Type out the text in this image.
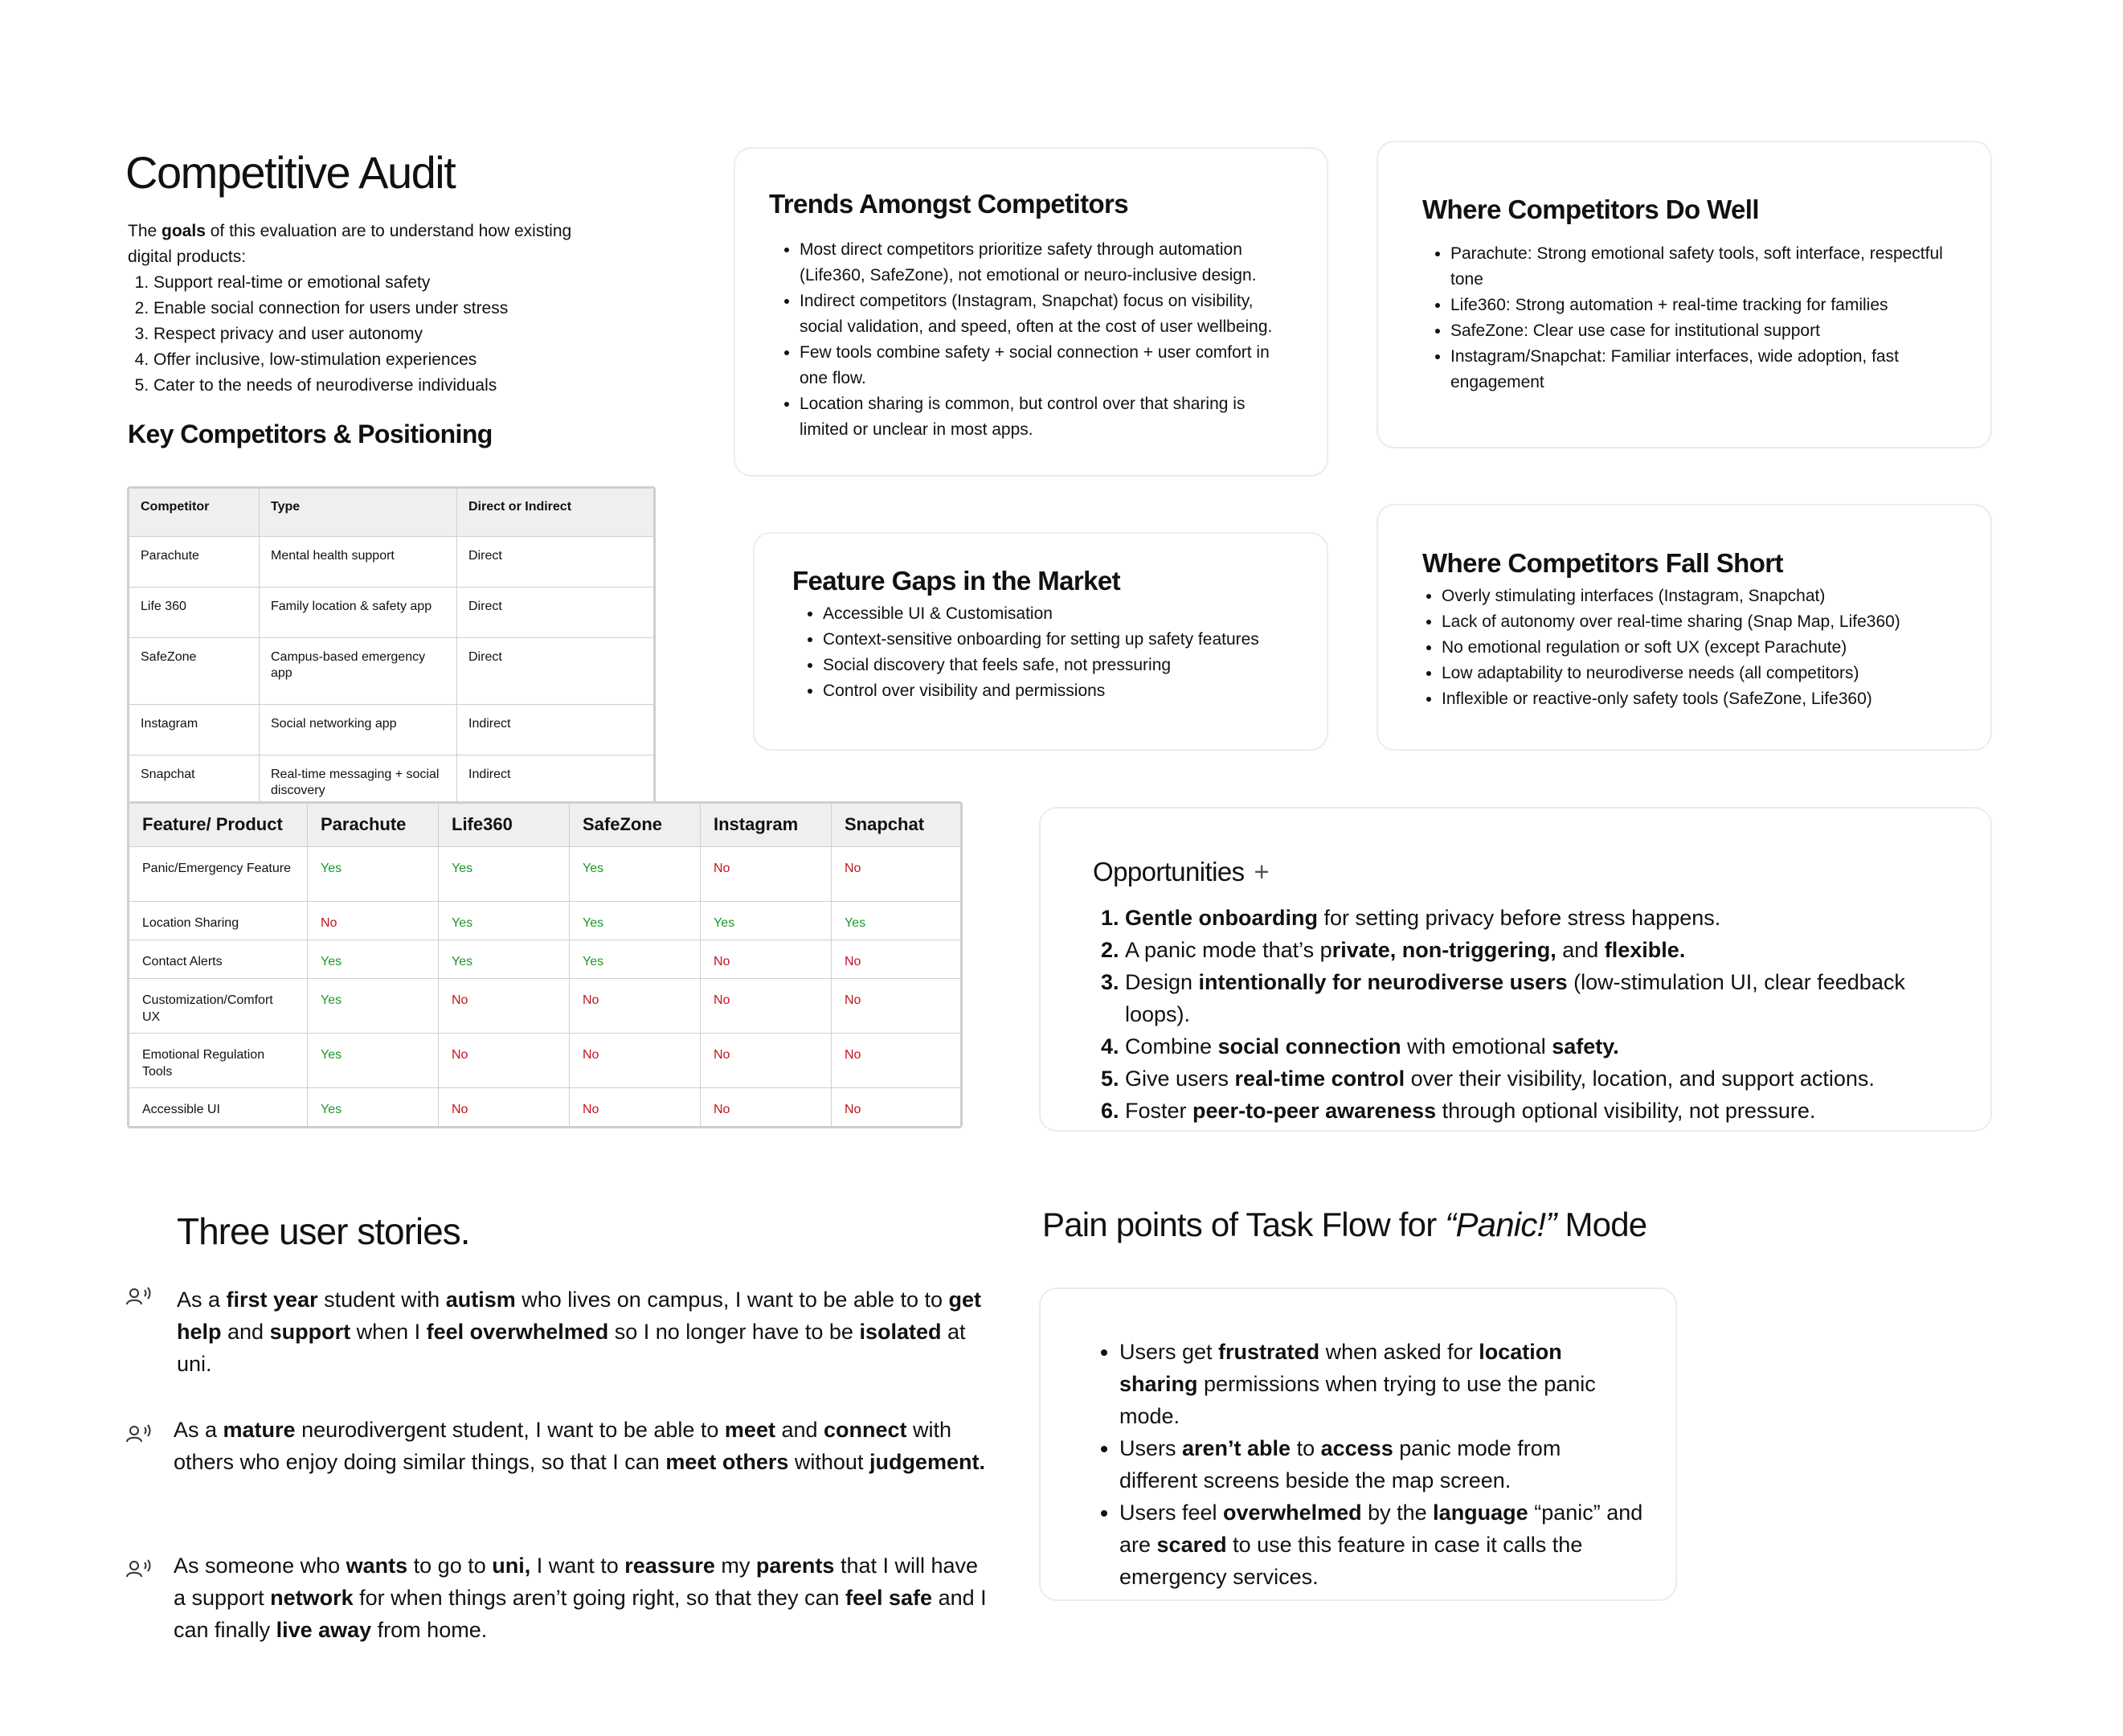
Competitive Audit

The goals of this evaluation are to understand how existing digital products:

1. Support real-time or emotional safety
2. Enable social connection for users under stress
3. Respect privacy and user autonomy
4. Offer inclusive, low-stimulation experiences
5. Cater to the needs of neurodiverse individuals
Key Competitors & Positioning
Competitor	Type	Direct or Indirect
Parachute	Mental health support	Direct
Life 360	Family location & safety app	Direct
SafeZone	Campus-based emergency app	Direct
Instagram	Social networking app	Indirect
Snapchat	Real-time messaging + social discovery	Indirect
Feature/ Product	Parachute	Life360	SafeZone	Instagram	Snapchat
Panic/Emergency Feature	Yes	Yes	Yes	No	No
Location Sharing	No	Yes	Yes	Yes	Yes
Contact Alerts	Yes	Yes	Yes	No	No
Customization/Comfort UX	Yes	No	No	No	No
Emotional Regulation Tools	Yes	No	No	No	No
Accessible UI	Yes	No	No	No	No
Trends Amongst Competitors
• Most direct competitors prioritize safety through automation (Life360, SafeZone), not emotional or neuro-inclusive design.
• Indirect competitors (Instagram, Snapchat) focus on visibility, social validation, and speed, often at the cost of user wellbeing.
• Few tools combine safety + social connection + user comfort in one flow.
• Location sharing is common, but control over that sharing is limited or unclear in most apps.
Where Competitors Do Well
• Parachute: Strong emotional safety tools, soft interface, respectful tone
• Life360: Strong automation + real-time tracking for families
• SafeZone: Clear use case for institutional support
• Instagram/Snapchat: Familiar interfaces, wide adoption, fast engagement
Feature Gaps in the Market
• Accessible UI & Customisation
• Context-sensitive onboarding for setting up safety features
• Social discovery that feels safe, not pressuring
• Control over visibility and permissions
Where Competitors Fall Short
• Overly stimulating interfaces (Instagram, Snapchat)
• Lack of autonomy over real-time sharing (Snap Map, Life360)
• No emotional regulation or soft UX (except Parachute)
• Low adaptability to neurodiverse needs (all competitors)
• Inflexible or reactive-only safety tools (SafeZone, Life360)
Opportunities +
1. Gentle onboarding for setting privacy before stress happens.
2. A panic mode that’s private, non-triggering, and flexible.
3. Design intentionally for neurodiverse users (low-stimulation UI, clear feedback loops).
4. Combine social connection with emotional safety.
5. Give users real-time control over their visibility, location, and support actions.
6. Foster peer-to-peer awareness through optional visibility, not pressure.
Three user stories.
As a first year student with autism who lives on campus, I want to be able to to get help and support when I feel overwhelmed so I no longer have to be isolated at uni.
As a mature neurodivergent student, I want to be able to meet and connect with others who enjoy doing similar things, so that I can meet others without judgement.
As someone who wants to go to uni, I want to reassure my parents that I will have a support network for when things aren’t going right, so that they can feel safe and I can finally live away from home.
Pain points of Task Flow for “Panic!” Mode
• Users get frustrated when asked for location sharing permissions when trying to use the panic mode.
• Users aren’t able to access panic mode from different screens beside the map screen.
• Users feel overwhelmed by the language “panic” and are scared to use this feature in case it calls the emergency services.
